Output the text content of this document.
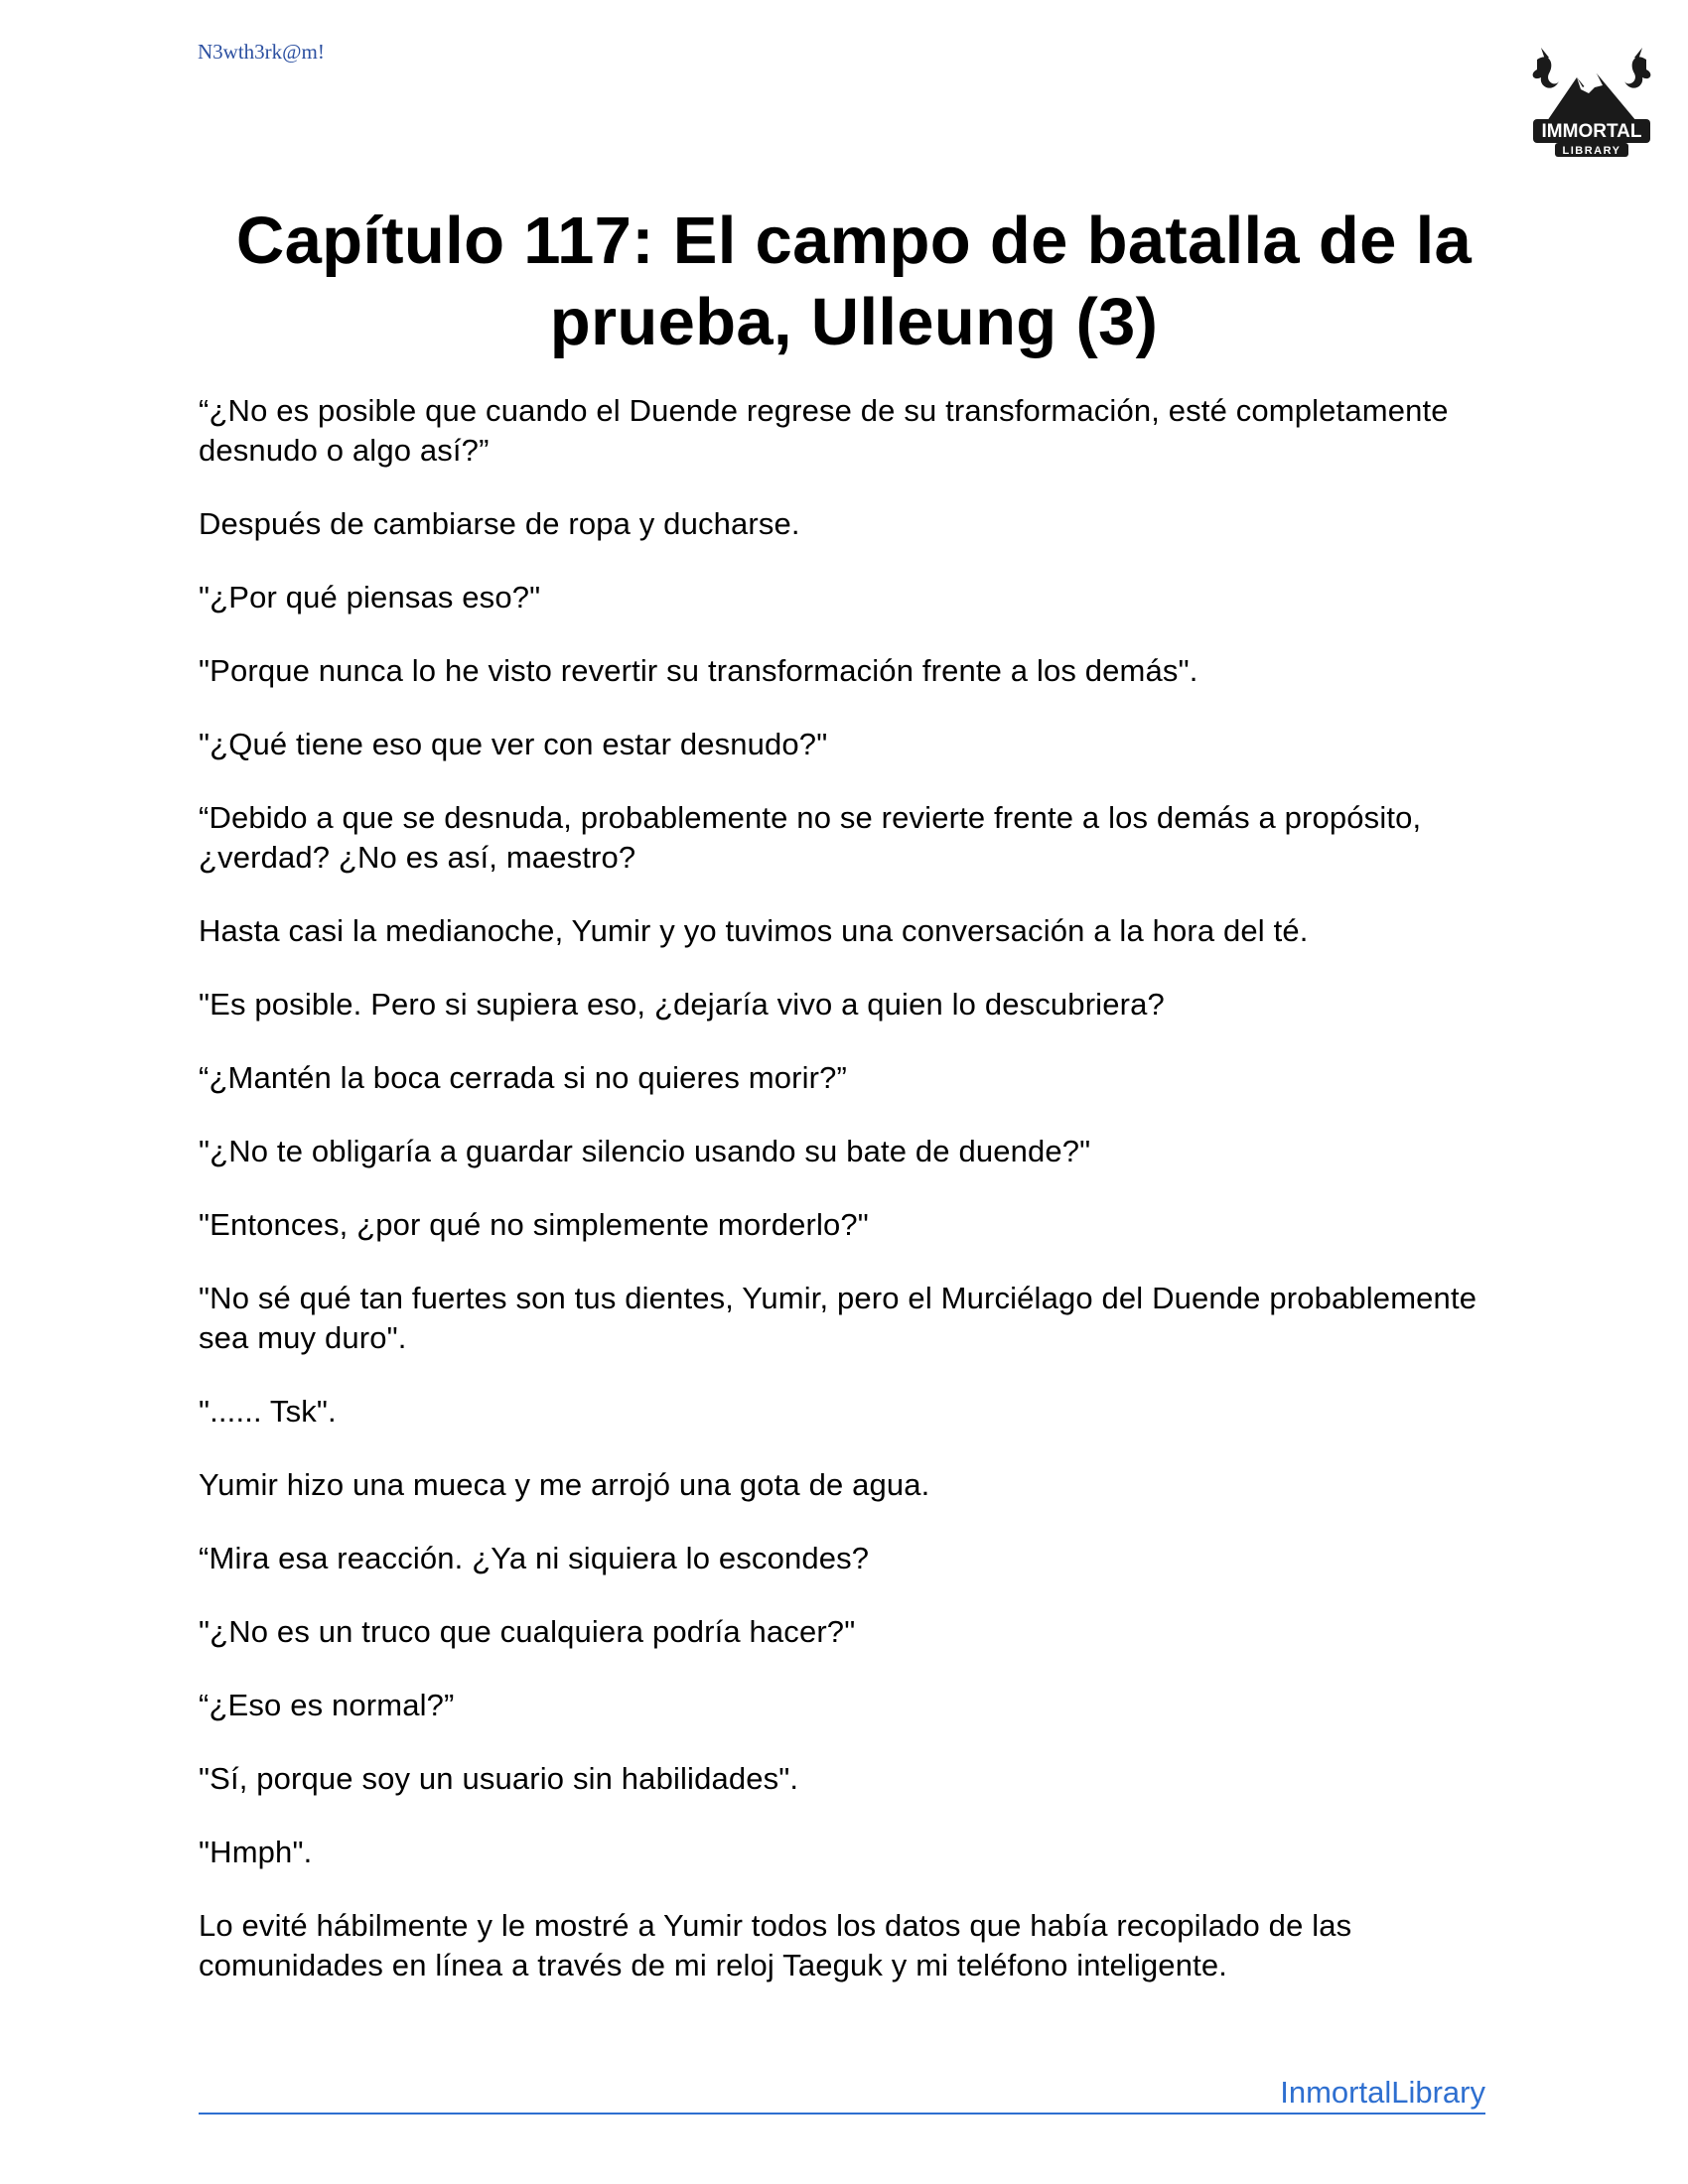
N3wth3rk@m!
IMMORTAL
LIBRARY
Capítulo 117: El campo de batalla de la prueba, Ulleung (3)

“¿No es posible que cuando el Duende regrese de su transformación, esté completamente desnudo o algo así?”

Después de cambiarse de ropa y ducharse.

"¿Por qué piensas eso?"

"Porque nunca lo he visto revertir su transformación frente a los demás".

"¿Qué tiene eso que ver con estar desnudo?"

“Debido a que se desnuda, probablemente no se revierte frente a los demás a propósito, ¿verdad? ¿No es así, maestro?

Hasta casi la medianoche, Yumir y yo tuvimos una conversación a la hora del té.

"Es posible. Pero si supiera eso, ¿dejaría vivo a quien lo descubriera?

“¿Mantén la boca cerrada si no quieres morir?”

"¿No te obligaría a guardar silencio usando su bate de duende?"

"Entonces, ¿por qué no simplemente morderlo?"

"No sé qué tan fuertes son tus dientes, Yumir, pero el Murciélago del Duende probablemente sea muy duro".

"...... Tsk".

Yumir hizo una mueca y me arrojó una gota de agua.

“Mira esa reacción. ¿Ya ni siquiera lo escondes?

"¿No es un truco que cualquiera podría hacer?"

“¿Eso es normal?”

"Sí, porque soy un usuario sin habilidades".

"Hmph".

Lo evité hábilmente y le mostré a Yumir todos los datos que había recopilado de las comunidades en línea a través de mi reloj Taeguk y mi teléfono inteligente.

InmortalLibrary
